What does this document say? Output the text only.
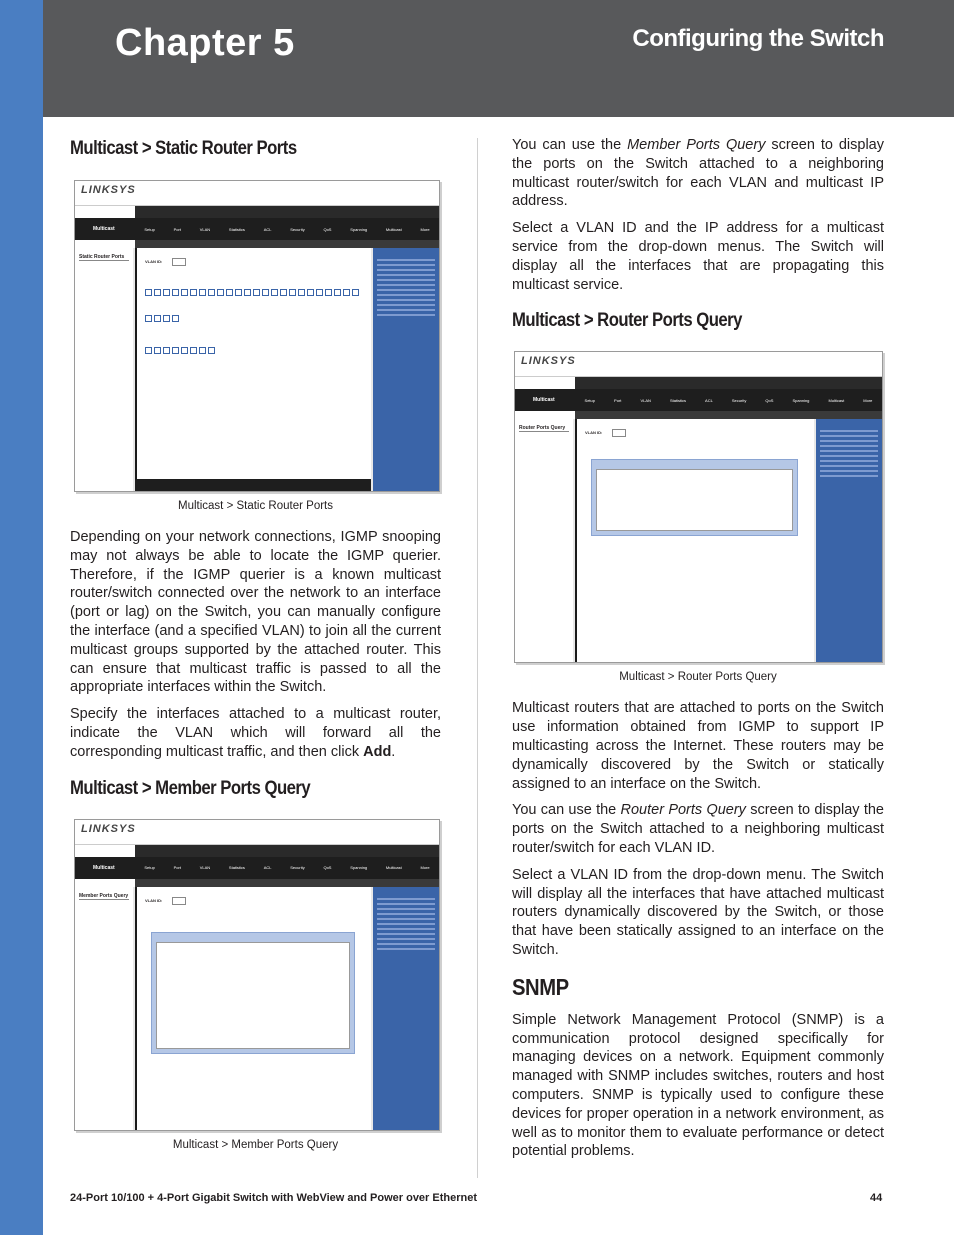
Chapter 5	Configuring the Switch
Multicast > Static Router Ports
LINKSYS
Multicast	Setup	Port	VLAN	Statistics	ACL	Security	QoS	Spanning	Multicast	More
Static Router Ports
VLAN ID:
Multicast > Static Router Ports

Depending on your network connections, IGMP snooping may not always be able to locate the IGMP querier. Therefore, if the IGMP querier is a known multicast router/switch connected over the network to an interface (port or lag) on the Switch, you can manually configure the interface (and a specified VLAN) to join all the current multicast groups supported by the attached router. This can ensure that multicast traffic is passed to all the appropriate interfaces within the Switch.

Specify the interfaces attached to a multicast router, indicate the VLAN which will forward all the corresponding multicast traffic, and then click Add.

Multicast > Member Ports Query
LINKSYS
Multicast	Setup	Port	VLAN	Statistics	ACL	Security	QoS	Spanning	Multicast	More
Member Ports Query
VLAN ID:
Multicast > Member Ports Query

You can use the Member Ports Query screen to display the ports on the Switch attached to a neighboring multicast router/switch for each VLAN and multicast IP address.

Select a VLAN ID and the IP address for a multicast service from the drop-down menus. The Switch will display all the interfaces that are propagating this multicast service.

Multicast > Router Ports Query
LINKSYS
Multicast	Setup	Port	VLAN	Statistics	ACL	Security	QoS	Spanning	Multicast	More
Router Ports Query
VLAN ID:
Multicast > Router Ports Query

Multicast routers that are attached to ports on the Switch use information obtained from IGMP to support IP multicasting across the Internet. These routers may be dynamically discovered by the Switch or statically assigned to an interface on the Switch.

You can use the Router Ports Query screen to display the ports on the Switch attached to a neighboring multicast router/switch for each VLAN ID.

Select a VLAN ID from the drop-down menu. The Switch will display all the interfaces that have attached multicast routers dynamically discovered by the Switch, or those that have been statically assigned to an interface on the Switch.

SNMP

Simple Network Management Protocol (SNMP) is a communication protocol designed specifically for managing devices on a network. Equipment commonly managed with SNMP includes switches, routers and host computers. SNMP is typically used to configure these devices for proper operation in a network environment, as well as to monitor them to evaluate performance or detect potential problems.

24-Port 10/100 + 4-Port Gigabit Switch with WebView and Power over Ethernet	44
